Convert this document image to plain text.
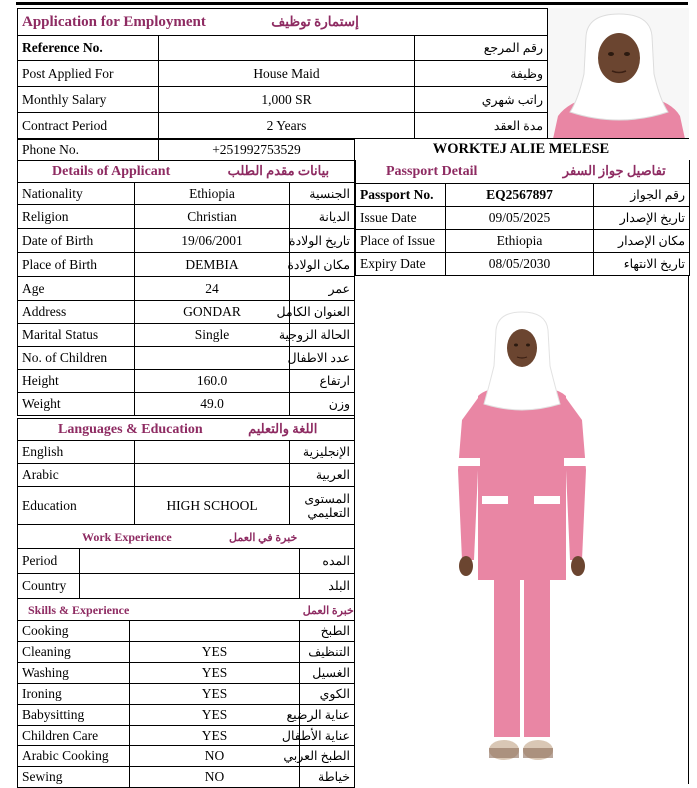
Application for Employment إستمارة توظيف		
Reference No.		رقم المرجع
Post Applied For	House Maid	وظيفة
Monthly Salary	1,000 SR	راتب شهري
Contract Period	2 Years	مدة العقد
Phone No.	+251992753529	WORKTEJ ALIE MELESE
Details of Applicant بيانات مقدم الطلب		
Nationality	Ethiopia	الجنسية
Religion	Christian	الديانة
Date of Birth	19/06/2001	تاريخ الولادة
Place of Birth	DEMBIA	مكان الولادة
Age	24	عمر
Address	GONDAR	العنوان الكامل
Marital Status	Single	الحالة الزوجية
No. of Children		عدد الاطفال
Height	160.0	ارتفاع
Weight	49.0	وزن
Languages & Education اللغة والتعليم		
English		الإنجليزية
Arabic		العربية
Education	HIGH SCHOOL	المستوى
التعليمي
Work Experience خبرة في العمل		
Period		المده
Country		البلد
Skills & Experience خبرة العمل		
Cooking		الطبخ
Cleaning	YES	التنظيف
Washing	YES	الغسيل
Ironing	YES	الكوي
Babysitting	YES	عناية الرضيع
Children Care	YES	عناية الأطفال
Arabic Cooking	NO	الطبخ العربي
Sewing	NO	خياطة
Passport Detail تفاصيل جواز السفر		
Passport No.	EQ2567897	رقم الجواز
Issue Date	09/05/2025	تاريخ الإصدار
Place of Issue	Ethiopia	مكان الإصدار
Expiry Date	08/05/2030	تاريخ الانتهاء
